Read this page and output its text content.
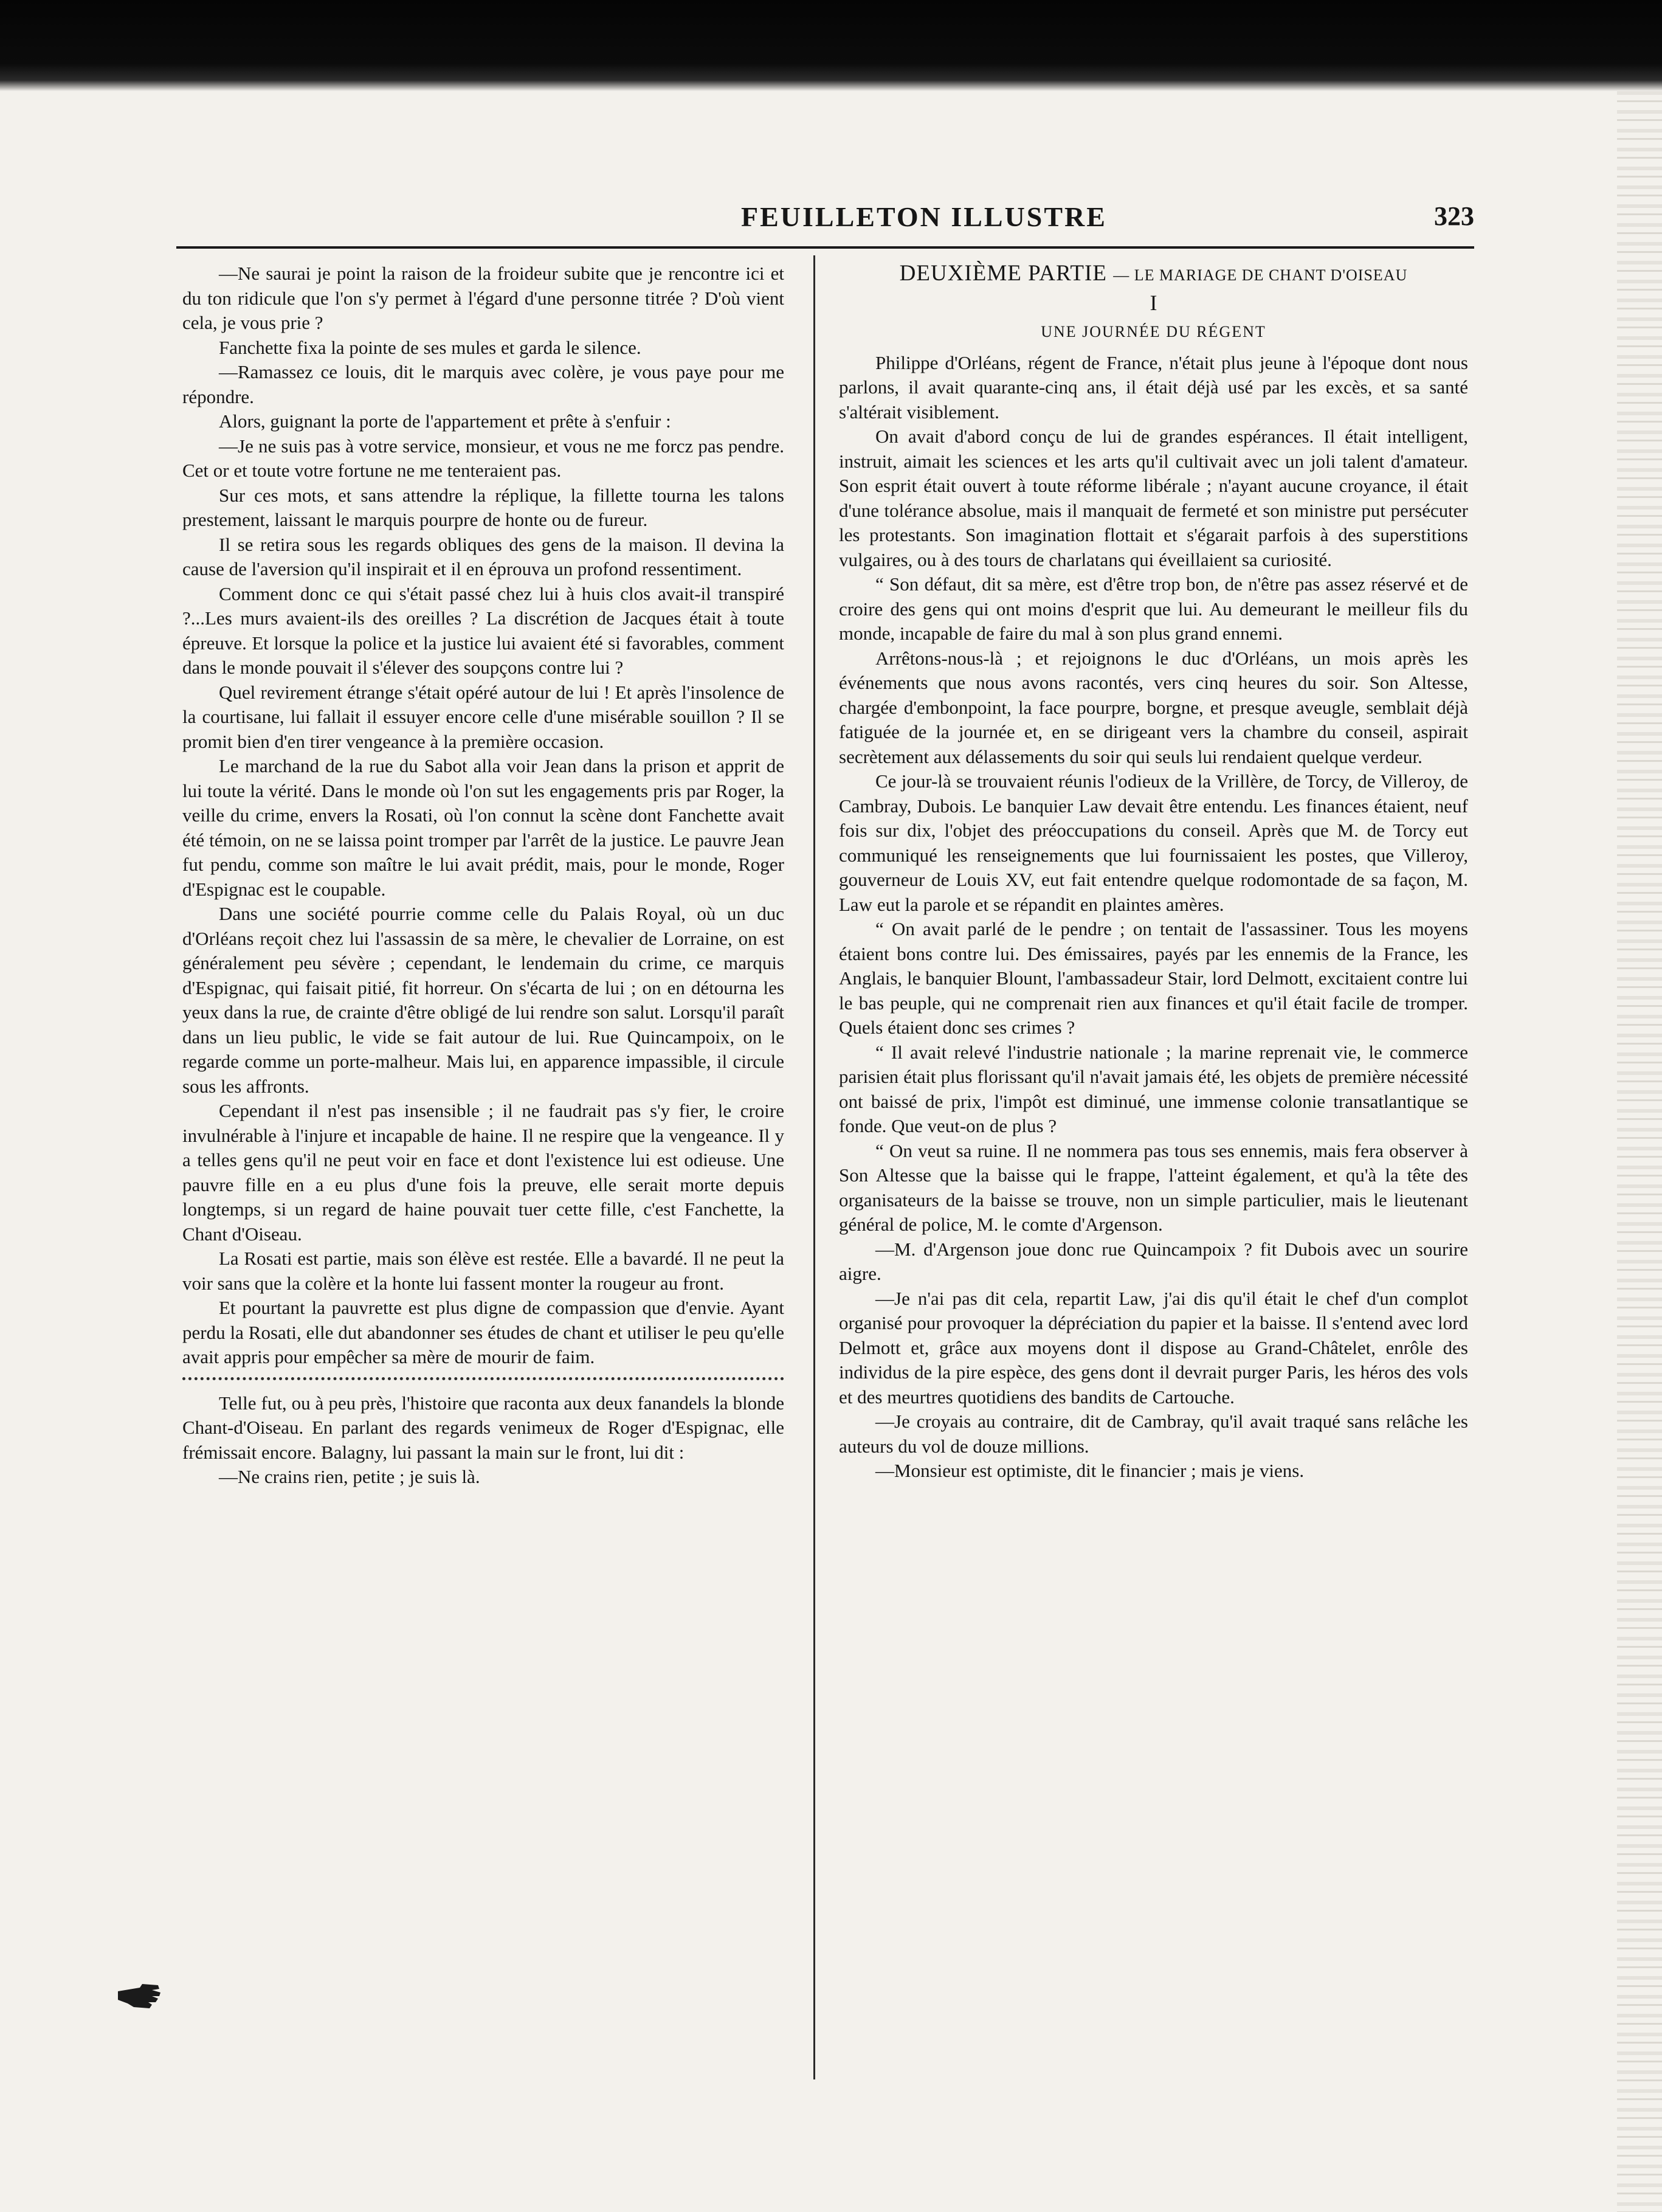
FEUILLETON ILLUSTRE	323

—Ne saurai je point la raison de la froideur subite que je rencontre ici et du ton ridicule que l'on s'y permet à l'égard d'une personne titrée ? D'où vient cela, je vous prie ?

Fanchette fixa la pointe de ses mules et garda le silence.

—Ramassez ce louis, dit le marquis avec colère, je vous paye pour me répondre.

Alors, guignant la porte de l'appartement et prête à s'enfuir :

—Je ne suis pas à votre service, monsieur, et vous ne me forcz pas pendre. Cet or et toute votre fortune ne me tenteraient pas.

Sur ces mots, et sans attendre la réplique, la fillette tourna les talons prestement, laissant le marquis pourpre de honte ou de fureur.

Il se retira sous les regards obliques des gens de la maison. Il devina la cause de l'aversion qu'il inspirait et il en éprouva un profond ressentiment.

Comment donc ce qui s'était passé chez lui à huis clos avait-il transpiré ?...Les murs avaient-ils des oreilles ? La discrétion de Jacques était à toute épreuve. Et lorsque la police et la justice lui avaient été si favorables, comment dans le monde pouvait il s'élever des soupçons contre lui ?

Quel revirement étrange s'était opéré autour de lui ! Et après l'insolence de la courtisane, lui fallait il essuyer encore celle d'une misérable souillon ? Il se promit bien d'en tirer vengeance à la première occasion.

Le marchand de la rue du Sabot alla voir Jean dans la prison et apprit de lui toute la vérité. Dans le monde où l'on sut les engagements pris par Roger, la veille du crime, envers la Rosati, où l'on connut la scène dont Fanchette avait été témoin, on ne se laissa point tromper par l'arrêt de la justice. Le pauvre Jean fut pendu, comme son maître le lui avait prédit, mais, pour le monde, Roger d'Espignac est le coupable.

Dans une société pourrie comme celle du Palais Royal, où un duc d'Orléans reçoit chez lui l'assassin de sa mère, le chevalier de Lorraine, on est généralement peu sévère ; cependant, le lendemain du crime, ce marquis d'Espignac, qui faisait pitié, fit horreur. On s'écarta de lui ; on en détourna les yeux dans la rue, de crainte d'être obligé de lui rendre son salut. Lorsqu'il paraît dans un lieu public, le vide se fait autour de lui. Rue Quincampoix, on le regarde comme un porte-malheur. Mais lui, en apparence impassible, il circule sous les affronts.

Cependant il n'est pas insensible ; il ne faudrait pas s'y fier, le croire invulnérable à l'injure et incapable de haine. Il ne respire que la vengeance. Il y a telles gens qu'il ne peut voir en face et dont l'existence lui est odieuse. Une pauvre fille en a eu plus d'une fois la preuve, elle serait morte depuis longtemps, si un regard de haine pouvait tuer cette fille, c'est Fanchette, la Chant d'Oiseau.

La Rosati est partie, mais son élève est restée. Elle a bavardé. Il ne peut la voir sans que la colère et la honte lui fassent monter la rougeur au front.

Et pourtant la pauvrette est plus digne de compassion que d'envie. Ayant perdu la Rosati, elle dut abandonner ses études de chant et utiliser le peu qu'elle avait appris pour empêcher sa mère de mourir de faim.

Telle fut, ou à peu près, l'histoire que raconta aux deux fanandels la blonde Chant-d'Oiseau. En parlant des regards venimeux de Roger d'Espignac, elle frémissait encore. Balagny, lui passant la main sur le front, lui dit :

—Ne crains rien, petite ; je suis là.

DEUXIÈME PARTIE — LE MARIAGE DE CHANT D'OISEAU
I
UNE JOURNÉE DU RÉGENT

Philippe d'Orléans, régent de France, n'était plus jeune à l'époque dont nous parlons, il avait quarante-cinq ans, il était déjà usé par les excès, et sa santé s'altérait visiblement.

On avait d'abord conçu de lui de grandes espérances. Il était intelligent, instruit, aimait les sciences et les arts qu'il cultivait avec un joli talent d'amateur. Son esprit était ouvert à toute réforme libérale ; n'ayant aucune croyance, il était d'une tolérance absolue, mais il manquait de fermeté et son ministre put persécuter les protestants. Son imagination flottait et s'égarait parfois à des superstitions vulgaires, ou à des tours de charlatans qui éveillaient sa curiosité.

“ Son défaut, dit sa mère, est d'être trop bon, de n'être pas assez réservé et de croire des gens qui ont moins d'esprit que lui. Au demeurant le meilleur fils du monde, incapable de faire du mal à son plus grand ennemi.

Arrêtons-nous-là ; et rejoignons le duc d'Orléans, un mois après les événements que nous avons racontés, vers cinq heures du soir. Son Altesse, chargée d'embonpoint, la face pourpre, borgne, et presque aveugle, semblait déjà fatiguée de la journée et, en se dirigeant vers la chambre du conseil, aspirait secrètement aux délassements du soir qui seuls lui rendaient quelque verdeur.

Ce jour-là se trouvaient réunis l'odieux de la Vrillère, de Torcy, de Villeroy, de Cambray, Dubois. Le banquier Law devait être entendu. Les finances étaient, neuf fois sur dix, l'objet des préoccupations du conseil. Après que M. de Torcy eut communiqué les renseignements que lui fournissaient les postes, que Villeroy, gouverneur de Louis XV, eut fait entendre quelque rodomontade de sa façon, M. Law eut la parole et se répandit en plaintes amères.

“ On avait parlé de le pendre ; on tentait de l'assassiner. Tous les moyens étaient bons contre lui. Des émissaires, payés par les ennemis de la France, les Anglais, le banquier Blount, l'ambassadeur Stair, lord Delmott, excitaient contre lui le bas peuple, qui ne comprenait rien aux finances et qu'il était facile de tromper. Quels étaient donc ses crimes ?

“ Il avait relevé l'industrie nationale ; la marine reprenait vie, le commerce parisien était plus florissant qu'il n'avait jamais été, les objets de première nécessité ont baissé de prix, l'impôt est diminué, une immense colonie transatlantique se fonde. Que veut-on de plus ?

“ On veut sa ruine. Il ne nommera pas tous ses ennemis, mais fera observer à Son Altesse que la baisse qui le frappe, l'atteint également, et qu'à la tête des organisateurs de la baisse se trouve, non un simple particulier, mais le lieutenant général de police, M. le comte d'Argenson.

—M. d'Argenson joue donc rue Quincampoix ? fit Dubois avec un sourire aigre.

—Je n'ai pas dit cela, repartit Law, j'ai dis qu'il était le chef d'un complot organisé pour provoquer la dépréciation du papier et la baisse. Il s'entend avec lord Delmott et, grâce aux moyens dont il dispose au Grand-Châtelet, enrôle des individus de la pire espèce, des gens dont il devrait purger Paris, les héros des vols et des meurtres quotidiens des bandits de Cartouche.

—Je croyais au contraire, dit de Cambray, qu'il avait traqué sans relâche les auteurs du vol de douze millions.

—Monsieur est optimiste, dit le financier ; mais je viens.
